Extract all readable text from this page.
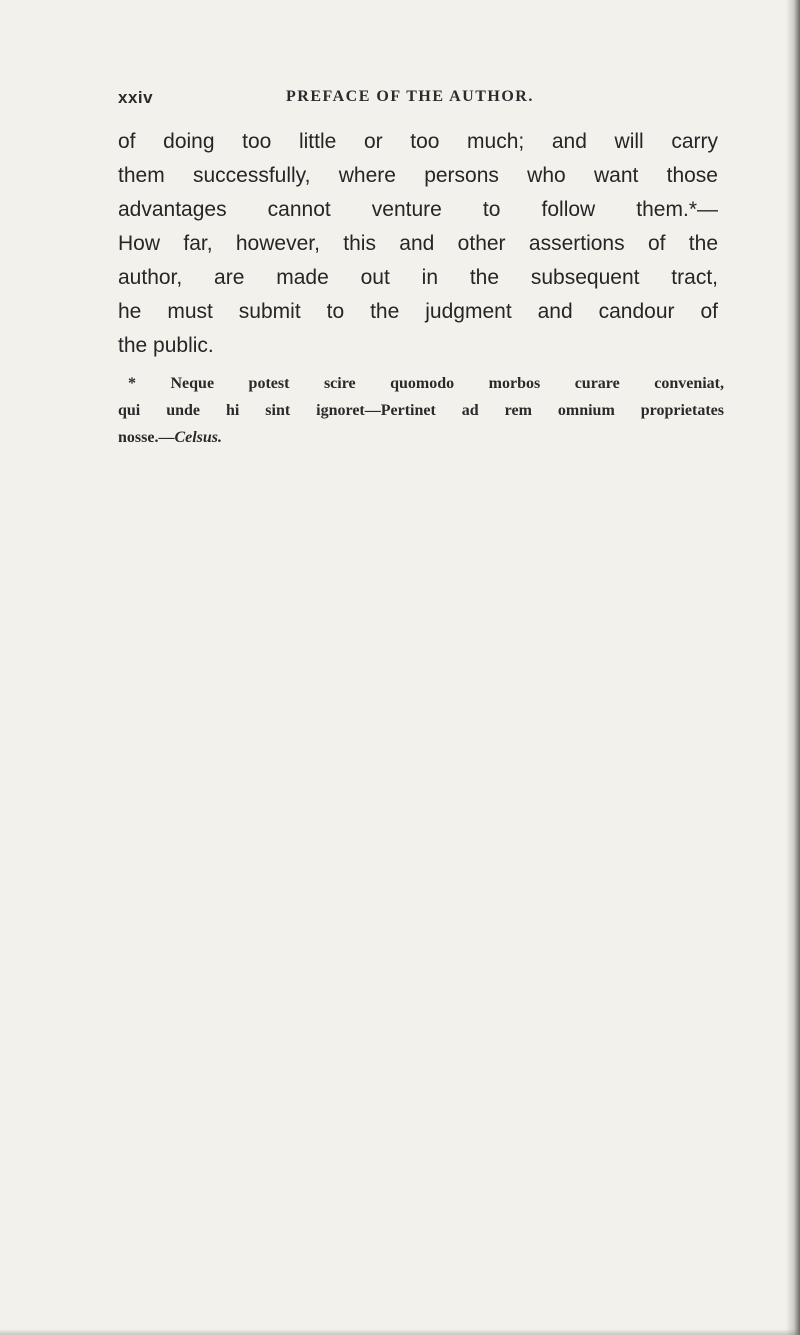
xxiv	PREFACE OF THE AUTHOR.
of doing too little or too much; and will carry
them successfully, where persons who want those
advantages cannot venture to follow them.*—
How far, however, this and other assertions of the
author, are made out in the subsequent tract,
he must submit to the judgment and candour of
the public.
* Neque potest scire quomodo morbos curare conveniat,
qui unde hi sint ignoret—Pertinet ad rem omnium proprietates
nosse.—Celsus.
